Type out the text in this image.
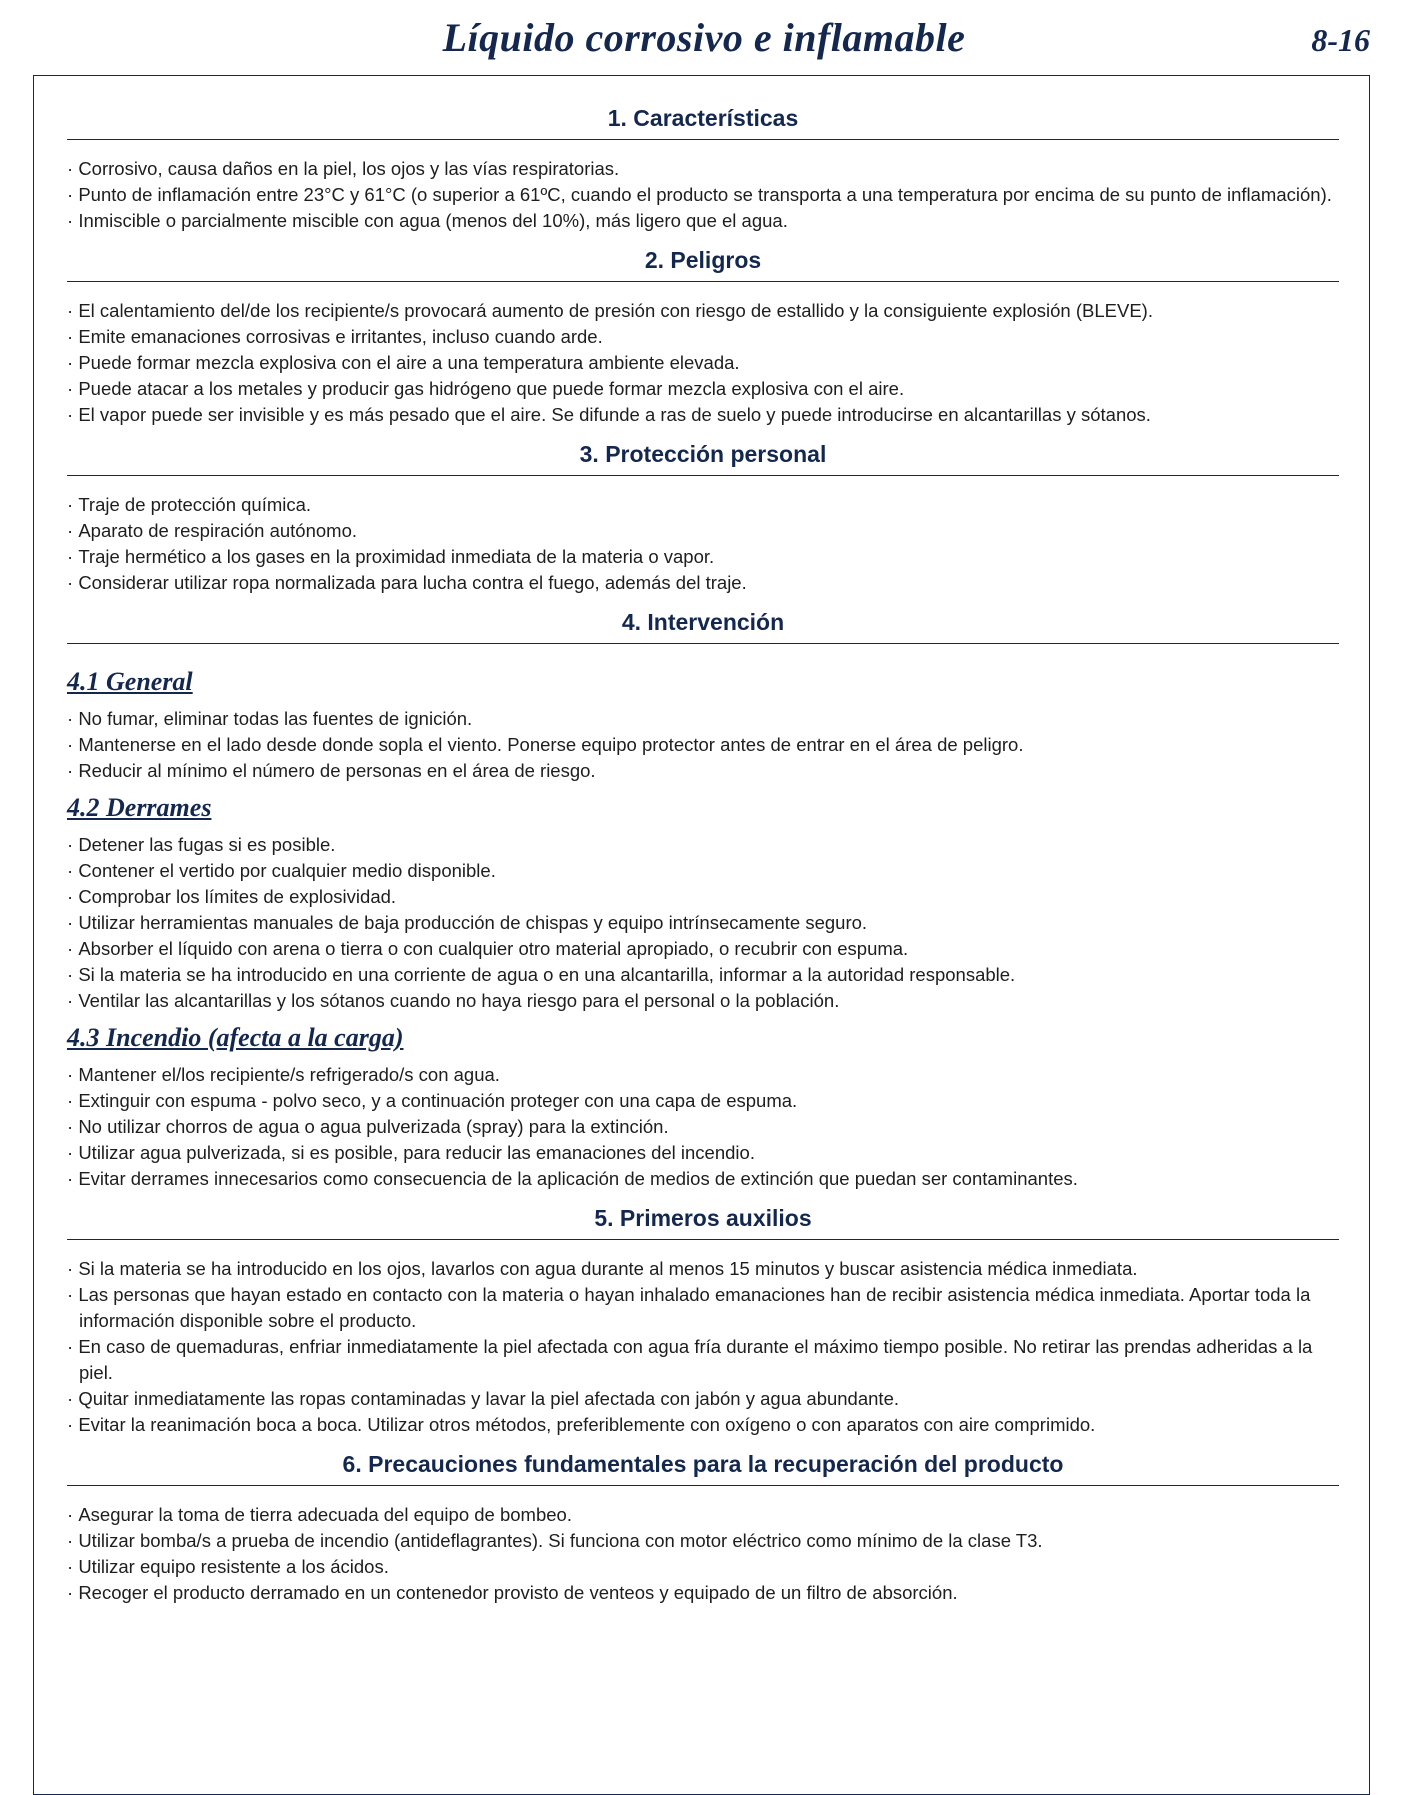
Líquido corrosivo e inflamable	8-16
1. Características
· Corrosivo, causa daños en la piel, los ojos y las vías respiratorias.
· Punto de inflamación entre 23°C y 61°C (o superior a 61ºC, cuando el producto se transporta a una temperatura por encima de su punto de inflamación).
· Inmiscible o parcialmente miscible con agua (menos del 10%), más ligero que el agua.
2. Peligros
· El calentamiento del/de los recipiente/s provocará aumento de presión con riesgo de estallido y la consiguiente explosión (BLEVE).
· Emite emanaciones corrosivas e irritantes, incluso cuando arde.
· Puede formar mezcla explosiva con el aire a una temperatura ambiente elevada.
· Puede atacar a los metales y producir gas hidrógeno que puede formar mezcla explosiva con el aire.
· El vapor puede ser invisible y es más pesado que el aire. Se difunde a ras de suelo y puede introducirse en alcantarillas y sótanos.
3. Protección personal
· Traje de protección química.
· Aparato de respiración autónomo.
· Traje hermético a los gases en la proximidad inmediata de la materia o vapor.
· Considerar utilizar ropa normalizada para lucha contra el fuego, además del traje.
4. Intervención
4.1 General
· No fumar, eliminar todas las fuentes de ignición.
· Mantenerse en el lado desde donde sopla el viento. Ponerse equipo protector antes de entrar en el área de peligro.
· Reducir al mínimo el número de personas en el área de riesgo.
4.2 Derrames
· Detener las fugas si es posible.
· Contener el vertido por cualquier medio disponible.
· Comprobar los límites de explosividad.
· Utilizar herramientas manuales de baja producción de chispas y equipo intrínsecamente seguro.
· Absorber el líquido con arena o tierra o con cualquier otro material apropiado, o recubrir con espuma.
· Si la materia se ha introducido en una corriente de agua o en una alcantarilla, informar a la autoridad responsable.
· Ventilar las alcantarillas y los sótanos cuando no haya riesgo para el personal o la población.
4.3 Incendio (afecta a la carga)
· Mantener el/los recipiente/s refrigerado/s con agua.
· Extinguir con espuma - polvo seco, y a continuación proteger con una capa de espuma.
· No utilizar chorros de agua o agua pulverizada (spray) para la extinción.
· Utilizar agua pulverizada, si es posible, para reducir las emanaciones del incendio.
· Evitar derrames innecesarios como consecuencia de la aplicación de medios de extinción que puedan ser contaminantes.
5. Primeros auxilios
· Si la materia se ha introducido en los ojos, lavarlos con agua durante al menos 15 minutos y buscar asistencia médica inmediata.
· Las personas que hayan estado en contacto con la materia o hayan inhalado emanaciones han de recibir asistencia médica inmediata. Aportar toda la información disponible sobre el producto.
· En caso de quemaduras, enfriar inmediatamente la piel afectada con agua fría durante el máximo tiempo posible. No retirar las prendas adheridas a la piel.
· Quitar inmediatamente las ropas contaminadas y lavar la piel afectada con jabón y agua abundante.
· Evitar la reanimación boca a boca. Utilizar otros métodos, preferiblemente con oxígeno o con aparatos con aire comprimido.
6. Precauciones fundamentales para la recuperación del producto
· Asegurar la toma de tierra adecuada del equipo de bombeo.
· Utilizar bomba/s a prueba de incendio (antideflagrantes). Si funciona con motor eléctrico como mínimo de la clase T3.
· Utilizar equipo resistente a los ácidos.
· Recoger el producto derramado en un contenedor provisto de venteos y equipado de un filtro de absorción.
